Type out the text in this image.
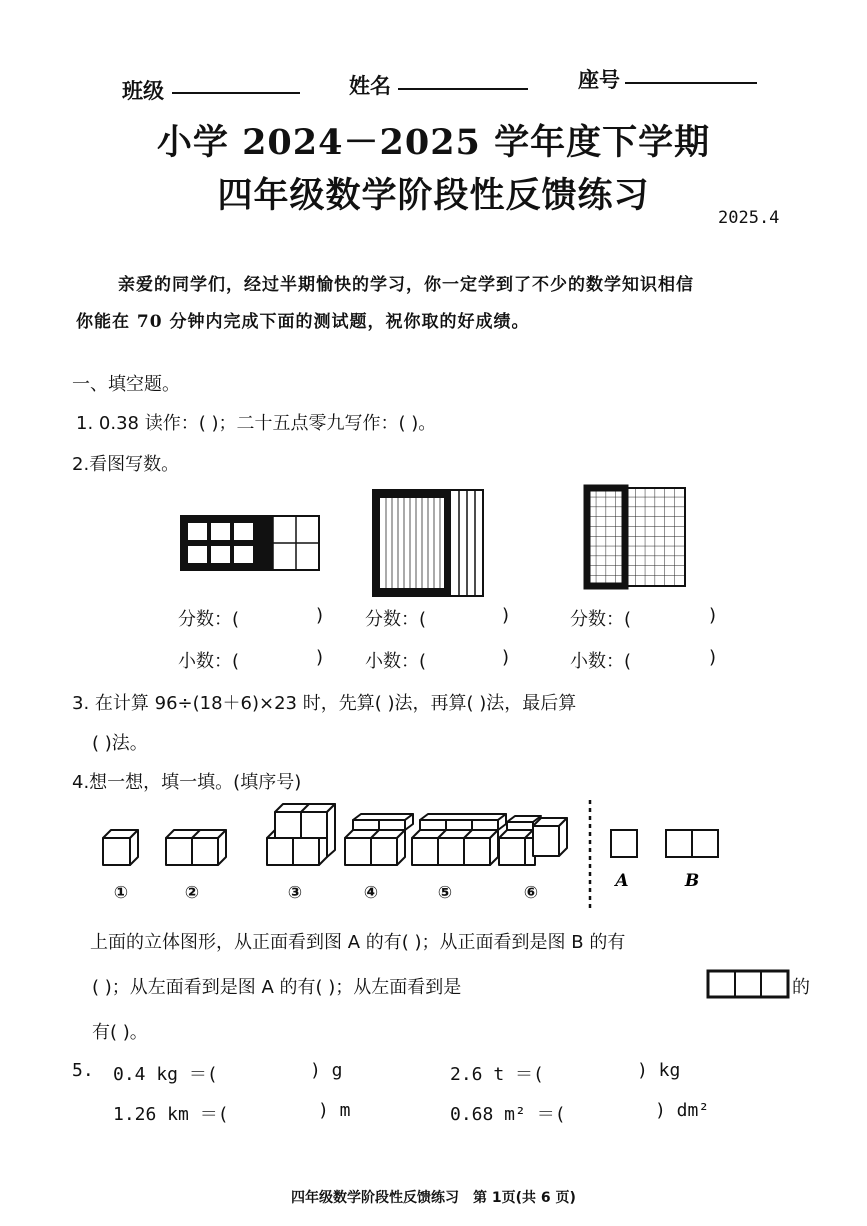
班级	姓名	座号
小学 2024－2025 学年度下学期
四年级数学阶段性反馈练习
2025.4
亲爱的同学们，经过半期愉快的学习，你一定学到了不少的数学知识相信
你能在 70 分钟内完成下面的测试题，祝你取的好成绩。
一、填空题。
1. 0.38 读作：( )；二十五点零九写作：( )。
2.看图写数。
分数：(	) 分数：(	)	分数：(	)
小数：(	) 小数：(	)	小数：(	)
3. 在计算 96÷(18＋6)×23 时，先算( )法，再算( )法，最后算
( )法。
4.想一想，填一填。(填序号)
①	②	③	④	⑤	⑥
A	B
上面的立体图形，从正面看到图 A 的有( )；从正面看到是图 B 的有
( )；从左面看到是图 A 的有( )；从左面看到是	的
有( )。
5. 0.4 kg ＝(	) g	2.6 t ＝(	) kg
1.26 km ＝(	) m	0.68 m² ＝(	) dm²
四年级数学阶段性反馈练习　第 1页(共 6 页)
